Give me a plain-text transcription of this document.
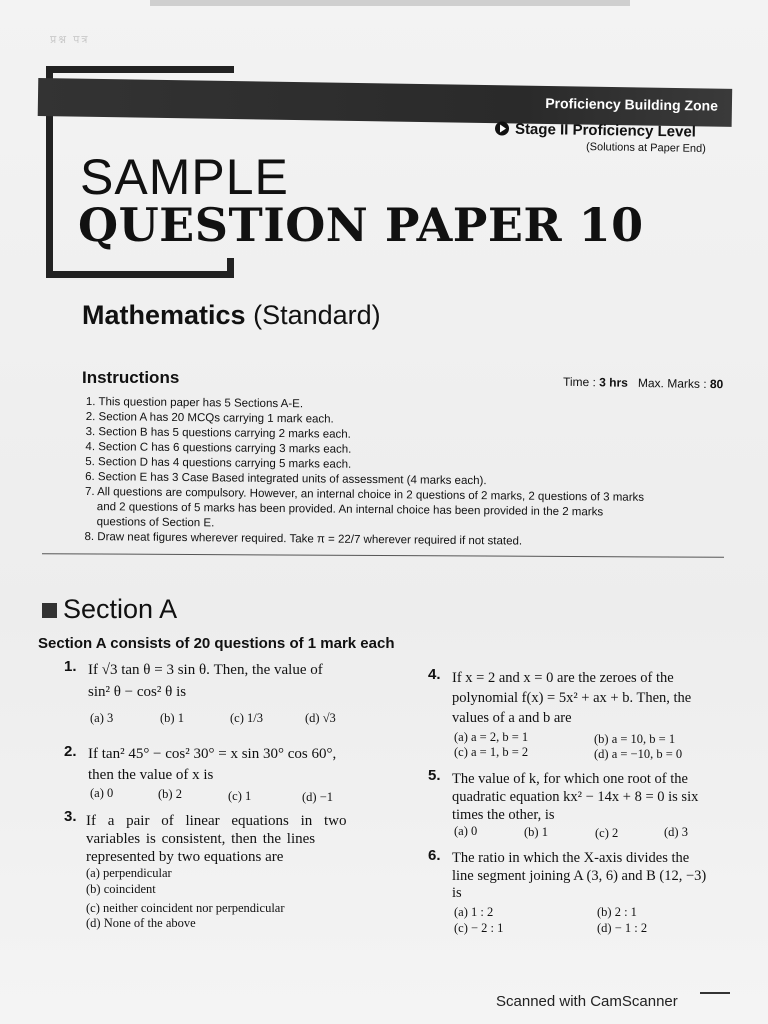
प्रश्न पत्र
Proficiency Building Zone
Stage II Proficiency Level
(Solutions at Paper End)
SAMPLE
QUESTION PAPER 10
Mathematics (Standard)
Instructions	Time : 3 hrs Max. Marks : 80
1. This question paper has 5 Sections A-E.
2. Section A has 20 MCQs carrying 1 mark each.
3. Section B has 5 questions carrying 2 marks each.
4. Section C has 6 questions carrying 3 marks each.
5. Section D has 4 questions carrying 5 marks each.
6. Section E has 3 Case Based integrated units of assessment (4 marks each).
7. All questions are compulsory. However, an internal choice in 2 questions of 2 marks, 2 questions of 3 marks
and 2 questions of 5 marks has been provided. An internal choice has been provided in the 2 marks
questions of Section E.
8. Draw neat figures wherever required. Take π = 22/7 wherever required if not stated.
Section A
Section A consists of 20 questions of 1 mark each
1. If √3 tan θ = 3 sin θ. Then, the value of
sin² θ − cos² θ is
(a) 3	(b) 1	(c) 1/3	(d) √3
2. If tan² 45° − cos² 30° = x sin 30° cos 60°,
then the value of x is
(a) 0	(b) 2	(c) 1	(d) −1
3. If a pair of linear equations in two
variables is consistent, then the lines
represented by two equations are
(a) perpendicular
(b) coincident
(c) neither coincident nor perpendicular
(d) None of the above
4. If x = 2 and x = 0 are the zeroes of the
polynomial f(x) = 5x² + ax + b. Then, the
values of a and b are
(a) a = 2, b = 1	(b) a = 10, b = 1
(c) a = 1, b = 2	(d) a = −10, b = 0
5. The value of k, for which one root of the
quadratic equation kx² − 14x + 8 = 0 is six
times the other, is
(a) 0	(b) 1	(c) 2	(d) 3
6. The ratio in which the X-axis divides the
line segment joining A (3, 6) and B (12, −3)
is
(a) 1 : 2	(b) 2 : 1
(c) − 2 : 1	(d) − 1 : 2
Scanned with CamScanner
